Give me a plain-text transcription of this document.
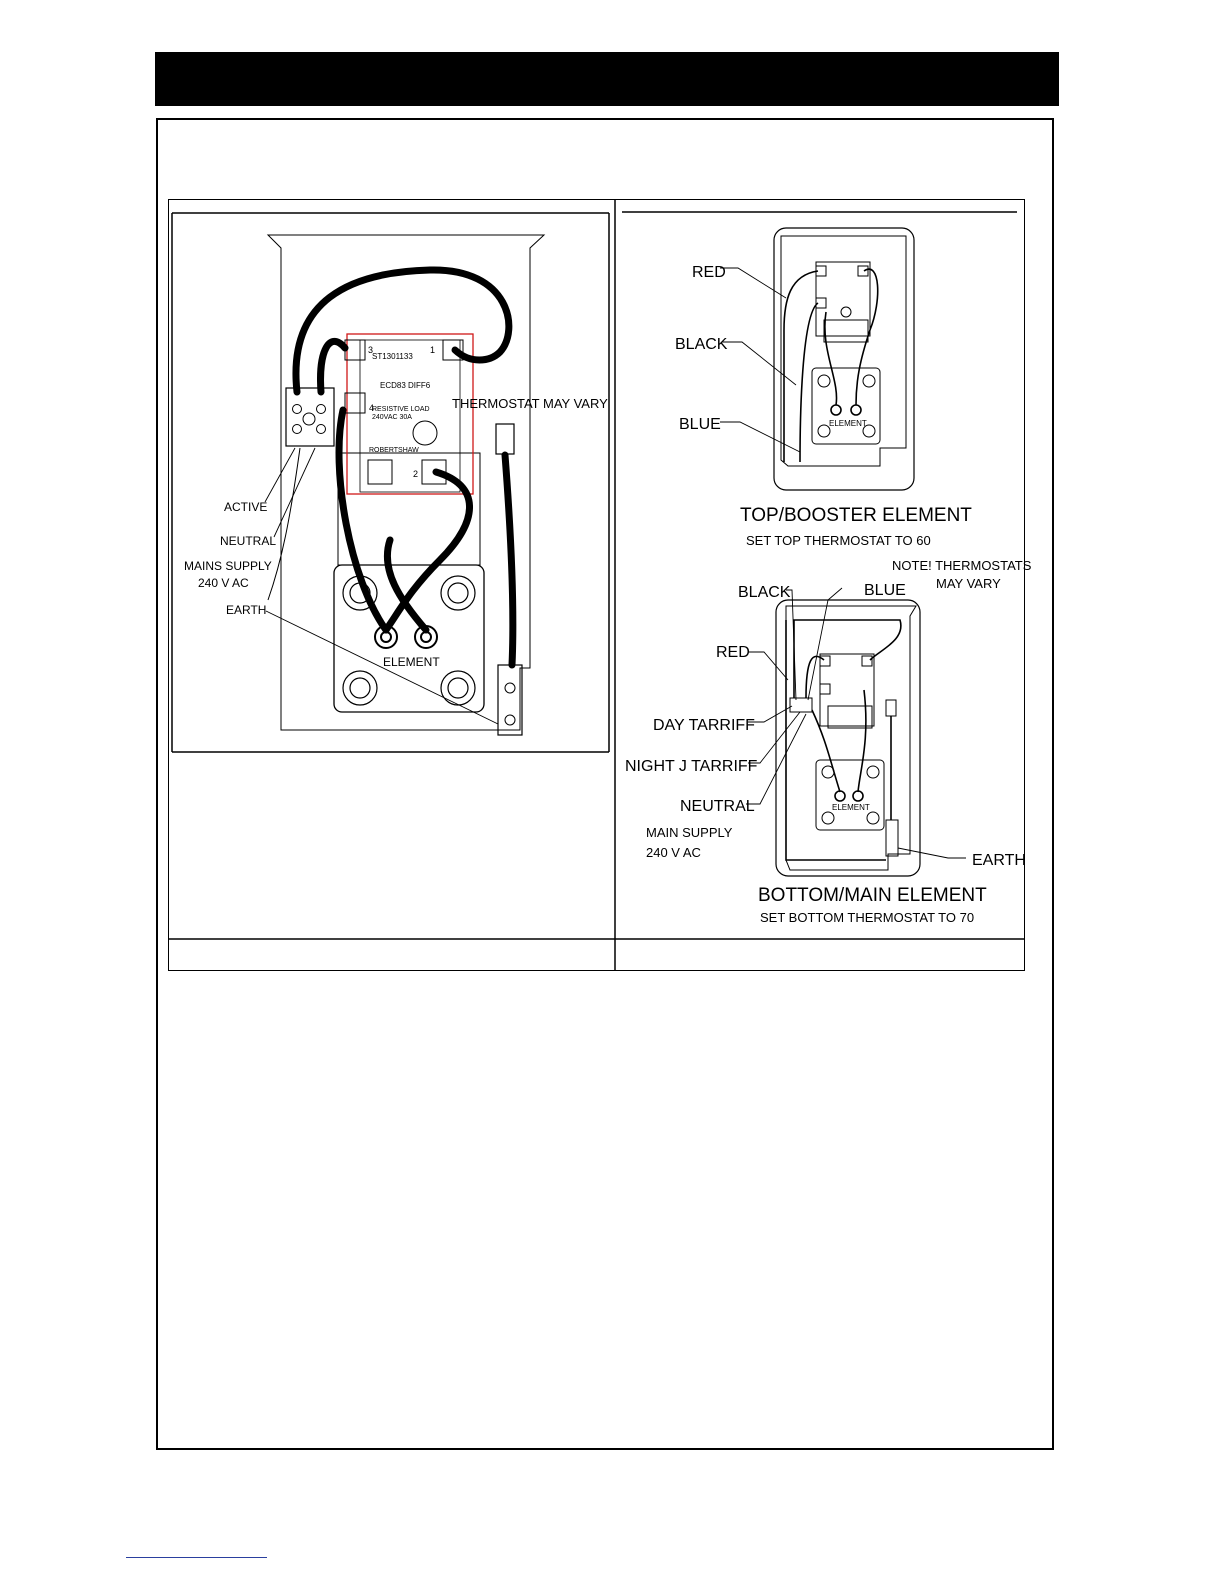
ST1301133
ECD83 DIFF6
RESISTIVE LOAD
240VAC 30A
ROBERTSHAW
1
2
3
4	THERMOSTAT MAY VARY
ACTIVE
NEUTRAL
MAINS SUPPLY
240 V AC
EARTH
ELEMENT
ELEMENT
RED
BLACK
BLUE
TOP/BOOSTER ELEMENT
SET TOP THERMOSTAT TO 60
ELEMENT
NOTE! THERMOSTATS
MAY VARY
BLACK	BLUE
RED
DAY TARRIFF
NIGHT J TARRIFF
NEUTRAL
MAIN SUPPLY
240 V AC	EARTH
BOTTOM/MAIN ELEMENT
SET BOTTOM THERMOSTAT TO 70
